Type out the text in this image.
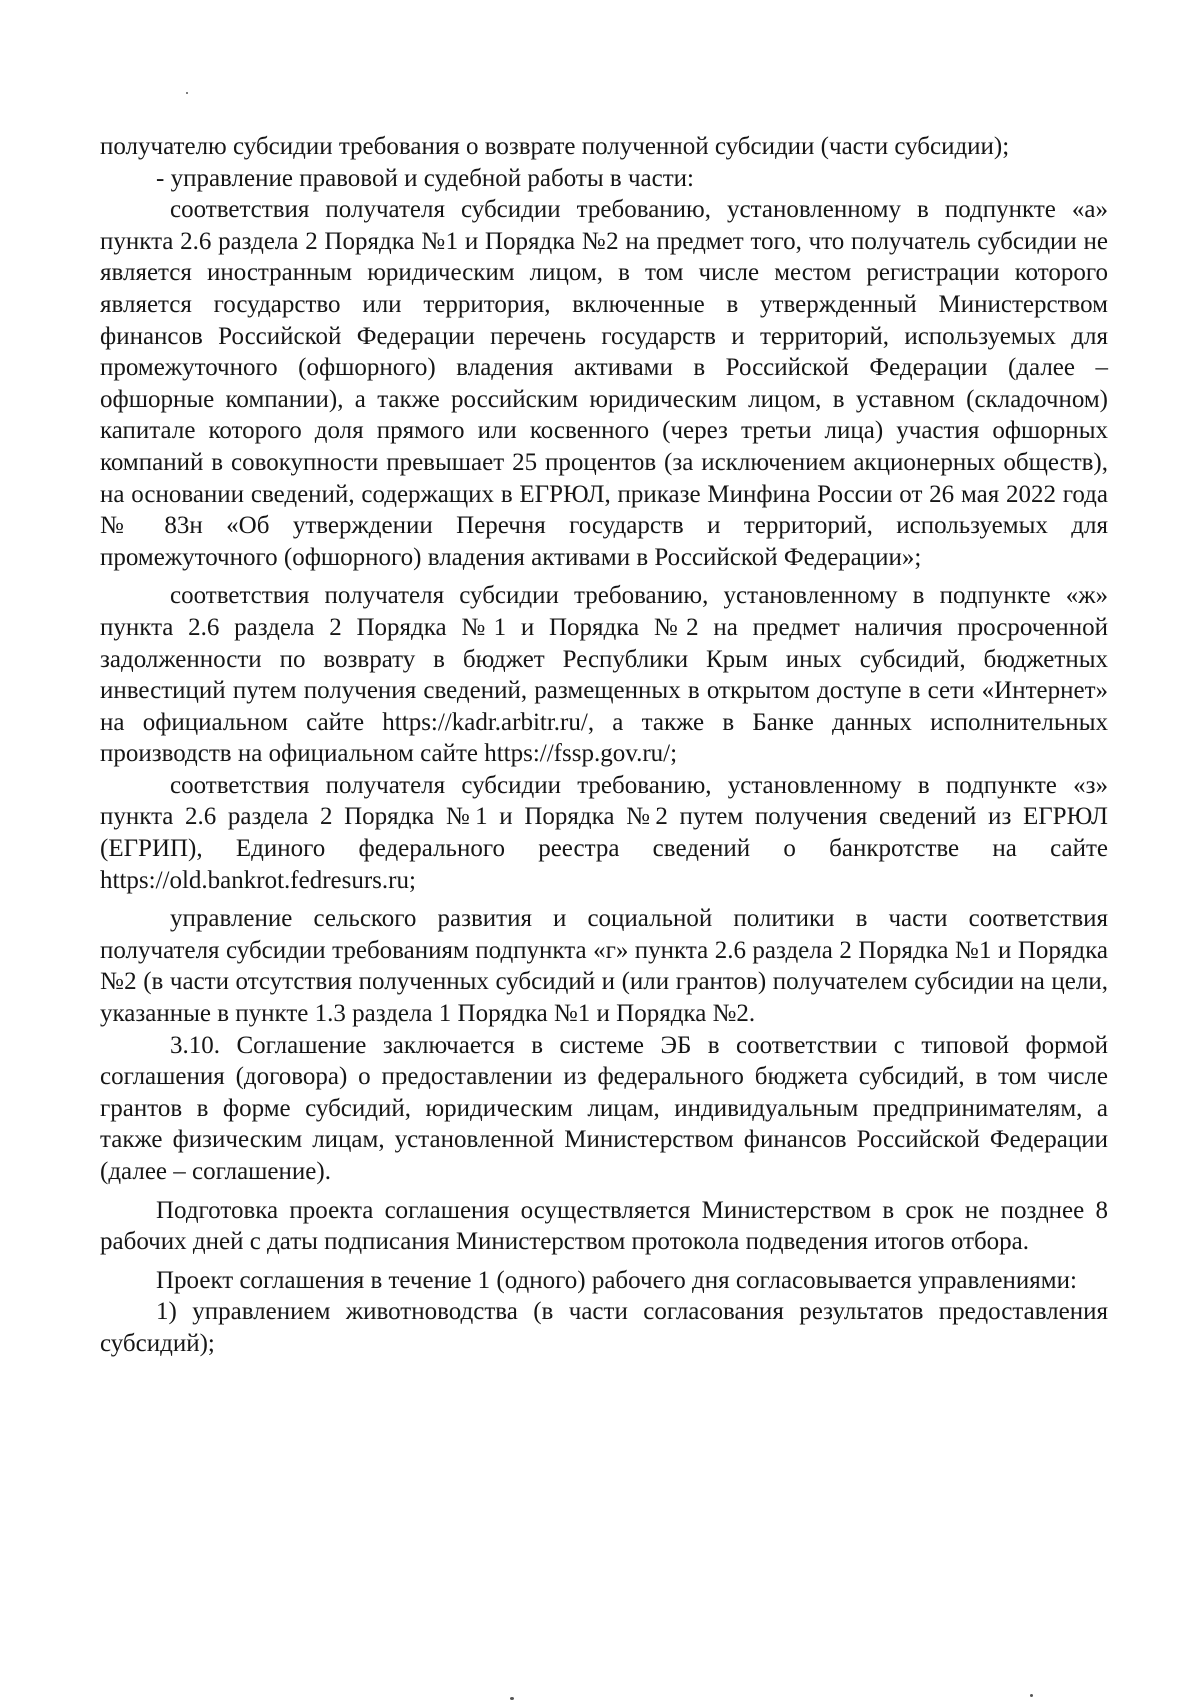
получателю субсидии требования о возврате полученной субсидии (части субсидии);

- управление правовой и судебной работы в части:

соответствия получателя субсидии требованию, установленному в подпункте «а» пункта 2.6 раздела 2 Порядка №1 и Порядка №2 на предмет того, что получатель субсидии не является иностранным юридическим лицом, в том числе местом регистрации которого является государство или территория, включенные в утвержденный Министерством финансов Российской Федерации перечень государств и территорий, используемых для промежуточного (офшорного) владения активами в Российской Федерации (далее – офшорные компании), а также российским юридическим лицом, в уставном (складочном) капитале которого доля прямого или косвенного (через третьи лица) участия офшорных компаний в совокупности превышает 25 процентов (за исключением акционерных обществ), на основании сведений, содержащих в ЕГРЮЛ, приказе Минфина России от 26 мая 2022 года № 83н «Об утверждении Перечня государств и территорий, используемых для промежуточного (офшорного) владения активами в Российской Федерации»;

соответствия получателя субсидии требованию, установленному в подпункте «ж» пункта 2.6 раздела 2 Порядка №1 и Порядка №2 на предмет наличия просроченной задолженности по возврату в бюджет Республики Крым иных субсидий, бюджетных инвестиций путем получения сведений, размещенных в открытом доступе в сети «Интернет» на официальном сайте https://kadr.arbitr.ru/, а также в Банке данных исполнительных производств на официальном сайте https://fssp.gov.ru/;

соответствия получателя субсидии требованию, установленному в подпункте «з» пункта 2.6 раздела 2 Порядка №1 и Порядка №2 путем получения сведений из ЕГРЮЛ (ЕГРИП), Единого федерального реестра сведений о банкротстве на сайте https://old.bankrot.fedresurs.ru;

управление сельского развития и социальной политики в части соответствия получателя субсидии требованиям подпункта «г» пункта 2.6 раздела 2 Порядка №1 и Порядка №2 (в части отсутствия полученных субсидий и (или грантов) получателем субсидии на цели, указанные в пункте 1.3 раздела 1 Порядка №1 и Порядка №2.

3.10. Соглашение заключается в системе ЭБ в соответствии с типовой формой соглашения (договора) о предоставлении из федерального бюджета субсидий, в том числе грантов в форме субсидий, юридическим лицам, индивидуальным предпринимателям, а также физическим лицам, установленной Министерством финансов Российской Федерации (далее – соглашение).

Подготовка проекта соглашения осуществляется Министерством в срок не позднее 8 рабочих дней с даты подписания Министерством протокола подведения итогов отбора.

Проект соглашения в течение 1 (одного) рабочего дня согласовывается управлениями:

1) управлением животноводства (в части согласования результатов предоставления субсидий);
